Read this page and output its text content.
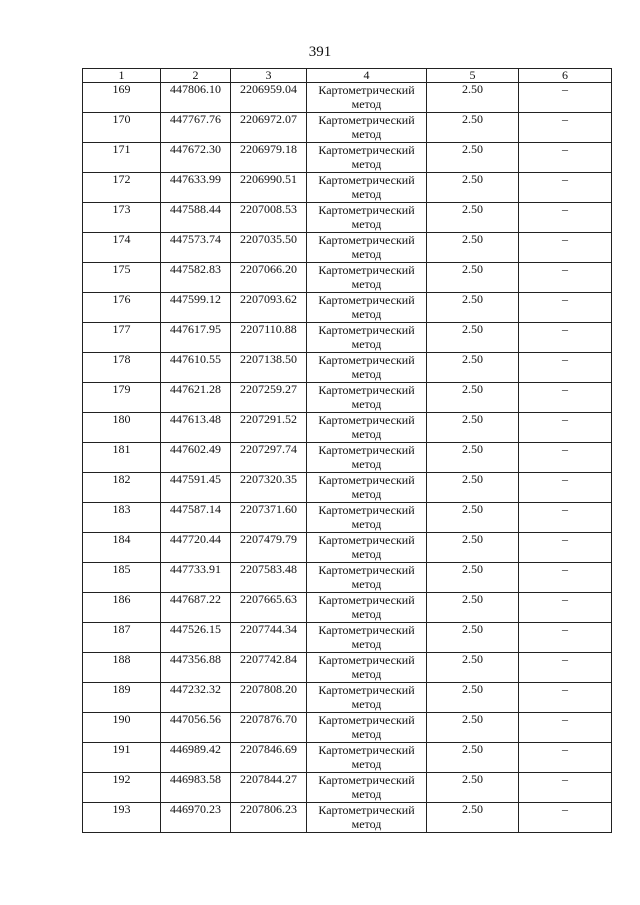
391
1	2	3	4	5	6
169	447806.10	2206959.04	Картометрический метод	2.50	–
170	447767.76	2206972.07	Картометрический метод	2.50	–
171	447672.30	2206979.18	Картометрический метод	2.50	–
172	447633.99	2206990.51	Картометрический метод	2.50	–
173	447588.44	2207008.53	Картометрический метод	2.50	–
174	447573.74	2207035.50	Картометрический метод	2.50	–
175	447582.83	2207066.20	Картометрический метод	2.50	–
176	447599.12	2207093.62	Картометрический метод	2.50	–
177	447617.95	2207110.88	Картометрический метод	2.50	–
178	447610.55	2207138.50	Картометрический метод	2.50	–
179	447621.28	2207259.27	Картометрический метод	2.50	–
180	447613.48	2207291.52	Картометрический метод	2.50	–
181	447602.49	2207297.74	Картометрический метод	2.50	–
182	447591.45	2207320.35	Картометрический метод	2.50	–
183	447587.14	2207371.60	Картометрический метод	2.50	–
184	447720.44	2207479.79	Картометрический метод	2.50	–
185	447733.91	2207583.48	Картометрический метод	2.50	–
186	447687.22	2207665.63	Картометрический метод	2.50	–
187	447526.15	2207744.34	Картометрический метод	2.50	–
188	447356.88	2207742.84	Картометрический метод	2.50	–
189	447232.32	2207808.20	Картометрический метод	2.50	–
190	447056.56	2207876.70	Картометрический метод	2.50	–
191	446989.42	2207846.69	Картометрический метод	2.50	–
192	446983.58	2207844.27	Картометрический метод	2.50	–
193	446970.23	2207806.23	Картометрический метод	2.50	–
